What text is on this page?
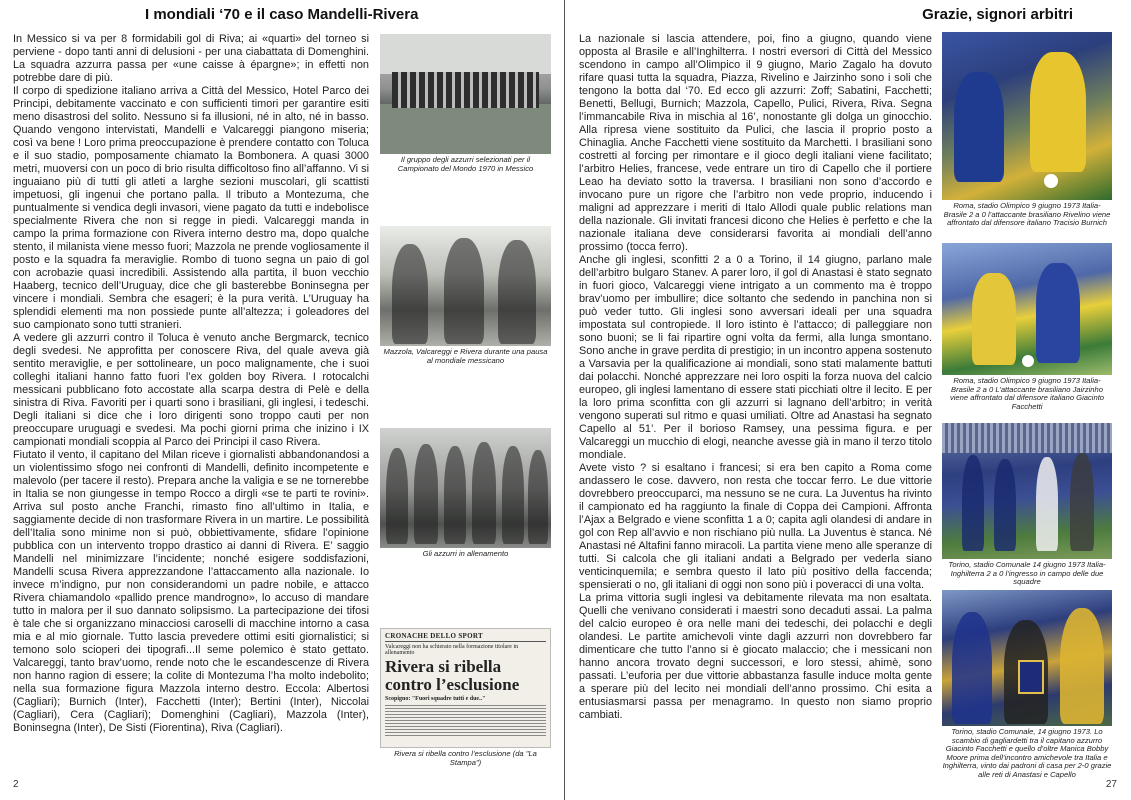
I mondiali ‘70 e il caso Mandelli-Rivera

In Messico si va per 8 formidabili gol di Riva; ai «quarti» del torneo si perviene - dopo tanti anni di delusioni - per una ciabattata di Domenghini. La squadra azzurra passa per «une caisse à épargne»; in effetti non potrebbe dare di più.

Il corpo di spedizione italiano arriva a Città del Messico, Hotel Parco dei Principi, debitamente vaccinato e con sufficienti timori per garantire esiti meno disastrosi del solito. Nessuno si fa illusioni, né in alto, né in basso. Quando vengono intervistati, Mandelli e Valcareggi piangono miseria; così va bene ! Loro prima preoccupazione è prendere contatto con Toluca e il suo stadio, pomposamente chiamato la Bombonera. A quasi 3000 metri, muoversi con un poco di brio risulta difficoltoso fino all’affanno. Vi si inguaiano più di tutti gli atleti a larghe sezioni muscolari, gli scattisti impetuosi, gli ingenui che portano palla. Il tributo a Montezuma, che puntualmente si vendica degli invasori, viene pagato da tutti e indebolisce specialmente Rivera che non si regge in piedi. Valcareggi manda in campo la prima formazione con Rivera interno destro ma, dopo qualche stento, il milanista viene messo fuori; Mazzola ne prende vogliosamente il posto e la squadra fa meraviglie. Rombo di tuono segna un paio di gol con acrobazie quasi incredibili. Assistendo alla partita, il buon vecchio Haaberg, tecnico dell’Uruguay, dice che gli basterebbe Boninsegna per vincere i mondiali. Sembra che esageri; è la pura verità. L’Uruguay ha splendidi elementi ma non possiede punte all’altezza; i goleadores del suo campionato sono tutti stranieri.

A vedere gli azzurri contro il Toluca è venuto anche Bergmarck, tecnico degli svedesi. Ne approfitta per conoscere Riva, del quale aveva già sentito meraviglie, e per sottolineare, un poco malignamente, che i suoi colleghi italiani hanno fatto fuori l’ex golden boy Rivera. I rotocalchi messicani pubblicano foto accostate alla scarpa destra di Pelè e della sinistra di Riva. Favoriti per i quarti sono i brasiliani, gli inglesi, i tedeschi. Degli italiani si dice che i loro dirigenti sono troppo cauti per non preoccupare uruguagi e svedesi. Ma pochi giorni prima che inizino i IX campionati mondiali scoppia al Parco dei Principi il caso Rivera.

Fiutato il vento, il capitano del Milan riceve i giornalisti abbandonandosi a un violentissimo sfogo nei confronti di Mandelli, definito incompetente e malevolo (per tacere il resto). Prepara anche la valigia e se ne tornerebbe in Italia se non giungesse in tempo Rocco a dirgli «se te parti te rovini». Arriva sul posto anche Franchi, rimasto fino all’ultimo in Italia, e saggiamente decide di non trasformare Rivera in un martire. Le possibilità dell’Italia sono minime non si può, obbiettivamente, sfidare l’opinione pubblica con un intervento troppo drastico ai danni di Rivera. E’ saggio Mandelli nel minimizzare l’incidente; nonché esigere soddisfazioni, Mandelli scusa Rivera apprezzandone l’attaccamento alla nazionale. Io invece m’indigno, pur non considerandomi un padre nobile, e attacco Rivera chiamandolo «pallido prence mandrogno», lo accuso di mandare tutto in malora per il suo dannato solipsismo. La partecipazione dei tifosi è tale che si organizzano minacciosi caroselli di macchine intorno a casa mia e al mio giornale. Tutto lascia prevedere ottimi esiti giornalistici; si temono solo scioperi dei tipografi...Il seme polemico è stato gettato. Valcareggi, tanto brav’uomo, rende noto che le escandescenze di Rivera non hanno ragion di essere; la colite di Montezuma l’ha molto indebolito; nella sua formazione figura Mazzola interno destro. Eccola: Albertosi (Cagliari); Burnich (Inter), Facchetti (Inter); Bertini (Inter), Niccolai (Cagliari), Cera (Cagliari); Domenghini (Cagliari), Mazzola (Inter), Boninsegna (Inter), De Sisti (Fiorentina), Riva (Cagliari).

Il gruppo degli azzurri selezionati per il Campionato del Mondo 1970 in Messico
Mazzola, Valcareggi e Rivera durante una pausa al mondiale messicano
Gli azzurri in allenamento
CRONACHE DELLO SPORT
Valcareggi non ha schierato nella formazione titolare in allenamento
Rivera si ribella contro l’esclusione
Scopigno: "Fuori squadre tutti e due.."
Rivera si ribella contro l’esclusione (da "La Stampa")
2
Grazie, signori arbitri

La nazionale si lascia attendere, poi, fino a giugno, quando viene opposta al Brasile e all’Inghilterra. I nostri eversori di Città del Messico scendono in campo all’Olimpico il 9 giugno, Mario Zagalo ha dovuto rifare quasi tutta la squadra, Piazza, Rivelino e Jairzinho sono i soli che tengono la botta dal ‘70. Ed ecco gli azzurri: Zoff; Sabatini, Facchetti; Benetti, Bellugi, Burnich; Mazzola, Capello, Pulici, Rivera, Riva. Segna l’immancabile Riva in mischia al 16’, nonostante gli dolga un ginocchio. Alla ripresa viene sostituito da Pulici, che lascia il proprio posto a Chinaglia. Anche Facchetti viene sostituito da Marchetti. I brasiliani sono costretti al forcing per rimontare e il gioco degli italiani viene facilitato; l’arbitro Helies, francese, vede entrare un tiro di Capello che il portiere Leao ha deviato sotto la traversa. I brasiliani non sono d’accordo e invocano pure un rigore che l’arbitro non vede proprio, inducendo i maligni ad apprezzare i meriti di Italo Allodi quale public relations man della nazionale. Gli invitati francesi dicono che Helies è perfetto e che la nazionale italiana deve considerarsi favorita ai mondiali dell’anno prossimo (tocca ferro).

Anche gli inglesi, sconfitti 2 a 0 a Torino, il 14 giugno, parlano male dell’arbitro bulgaro Stanev. A parer loro, il gol di Anastasi è stato segnato in fuori gioco, Valcareggi viene intrigato a un commento ma è troppo brav’uomo per imbullire; dice soltanto che sedendo in panchina non si può veder tutto. Gli inglesi sono avversari ideali per una squadra impostata sul contropiede. Il loro istinto è l’attacco; di palleggiare non sono buoni; se li fai ripartire ogni volta da fermi, alla lunga smontano. Sono anche in grave perdita di prestigio; in un incontro appena sostenuto a Varsavia per la qualificazione ai mondiali, sono stati malamente battuti dai polacchi. Nonché apprezzare nei loro ospiti la forza nuova del calcio europeo, gli inglesi lamentano di essere stati picchiati oltre il lecito. E per la loro prima sconfitta con gli azzurri si lagnano dell’arbitro; in verità vengono superati sul ritmo e quasi umiliati. Oltre ad Anastasi ha segnato Capello al 51’. Per il borioso Ramsey, una pessima figura. e per Valcareggi un mucchio di elogi, neanche avesse già in mano il terzo titolo mondiale.

Avete visto ? si esaltano i francesi; si era ben capito a Roma come andassero le cose. davvero, non resta che toccar ferro. Le due vittorie dovrebbero preoccuparci, ma nessuno se ne cura. La Juventus ha rivinto il campionato ed ha raggiunto la finale di Coppa dei Campioni. Affronta l’Ajax a Belgrado e viene sconfitta 1 a 0; capita agli olandesi di andare in gol con Rep all’avvio e non rischiano più nulla. La Juventus è stanca. Né Anastasi né Altafini fanno miracoli. La partita viene meno alle speranze di tutti. Si calcola che gli italiani andati a Belgrado per vederla siano venticinquemila; e sembra questo il lato più positivo della faccenda; spensierati o no, gli italiani di oggi non sono più i poveracci di una volta.

La prima vittoria sugli inglesi va debitamente rilevata ma non esaltata. Quelli che venivano considerati i maestri sono decaduti assai. La palma del calcio europeo è ora nelle mani dei tedeschi, dei polacchi e degli olandesi. Le partite amichevoli vinte dagli azzurri non dovrebbero far dimenticare che tutto l’anno si è giocato malaccio; che i messicani non hanno ancora trovato degni successori, e loro stessi, ahimè, sono passati. L’euforia per due vittorie abbastanza fasulle induce molta gente a sperare più del lecito nei mondiali dell’anno prossimo. Chi esita a entusiasmarsi passa per menagramo. In questo non siamo proprio cambiati.

Roma, stadio Olimpico 9 giugno 1973 Italia-Brasile 2 a 0 l’attaccante brasiliano Rivelino viene affrontato dal difensore italiano Tracisio Burnich
Roma, stadio Olimpico 9 giugno 1973 Italia-Brasile 2 a 0 L’attaccante brasiliano Jairzinho viene affrontato dal difensore italiano Giacinto Facchetti
Torino, stadio Comunale 14 giugno 1973 Italia-Inghilterra 2 a 0 l’ingresso in campo delle due squadre
Torino, stadio Comunale, 14 giugno 1973. Lo scambio di gagliardetti tra il capitano azzurro Giacinto Facchetti e quello d’oltre Manica Bobby Moore prima dell’incontro amichevole tra Italia e Inghilterra, vinto dai padroni di casa per 2-0 grazie alle reti di Anastasi e Capello
27
